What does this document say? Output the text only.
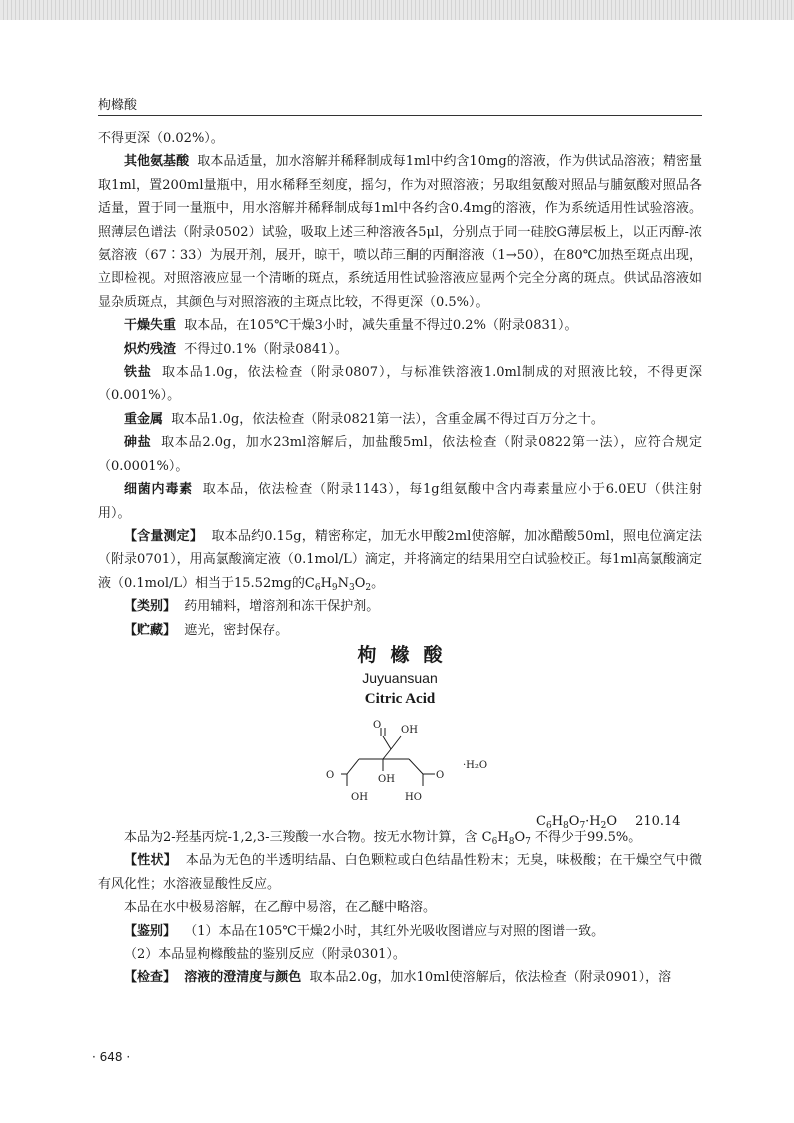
枸橼酸

不得更深（0.02%）。

其他氨基酸 取本品适量，加水溶解并稀释制成每1ml中约含10mg的溶液，作为供试品溶液；精密量取1ml，置200ml量瓶中，用水稀释至刻度，摇匀，作为对照溶液；另取组氨酸对照品与脯氨酸对照品各适量，置于同一量瓶中，用水溶解并稀释制成每1ml中各约含0.4mg的溶液，作为系统适用性试验溶液。照薄层色谱法（附录0502）试验，吸取上述三种溶液各5μl，分别点于同一硅胶G薄层板上，以正丙醇-浓氨溶液（67∶33）为展开剂，展开，晾干，喷以茚三酮的丙酮溶液（1→50），在80℃加热至斑点出现，立即检视。对照溶液应显一个清晰的斑点，系统适用性试验溶液应显两个完全分离的斑点。供试品溶液如显杂质斑点，其颜色与对照溶液的主斑点比较，不得更深（0.5%）。

干燥失重 取本品，在105℃干燥3小时，减失重量不得过0.2%（附录0831）。

炽灼残渣 不得过0.1%（附录0841）。

铁盐 取本品1.0g，依法检查（附录0807），与标准铁溶液1.0ml制成的对照液比较，不得更深（0.001%）。

重金属 取本品1.0g，依法检查（附录0821第一法），含重金属不得过百万分之十。

砷盐 取本品2.0g，加水23ml溶解后，加盐酸5ml，依法检查（附录0822第一法），应符合规定（0.0001%）。

细菌内毒素 取本品，依法检查（附录1143），每1g组氨酸中含内毒素量应小于6.0EU（供注射用）。

【含量测定】 取本品约0.15g，精密称定，加无水甲酸2ml使溶解，加冰醋酸50ml，照电位滴定法（附录0701），用高氯酸滴定液（0.1mol/L）滴定，并将滴定的结果用空白试验校正。每1ml高氯酸滴定液（0.1mol/L）相当于15.52mg的$C_6H_9N_3O_2$。

【类别】 药用辅料，增溶剂和冻干保护剂。

【贮藏】 遮光，密封保存。

枸橼酸

Juyuansuan

Citric Acid

O OH
O	OH	O
OH	HO
·H₂O
$C_6H_8O_7\cdot H_2O$ 210.14

本品为2-羟基丙烷-1,2,3-三羧酸一水合物。按无水物计算，含 $C_6H_8O_7$ 不得少于99.5%。

【性状】 本品为无色的半透明结晶、白色颗粒或白色结晶性粉末；无臭，味极酸；在干燥空气中微有风化性；水溶液显酸性反应。

本品在水中极易溶解，在乙醇中易溶，在乙醚中略溶。

【鉴别】 （1）本品在105℃干燥2小时，其红外光吸收图谱应与对照的图谱一致。

（2）本品显枸橼酸盐的鉴别反应（附录0301）。

【检查】 溶液的澄清度与颜色 取本品2.0g，加水10ml使溶解后，依法检查（附录0901），溶

· 648 ·
